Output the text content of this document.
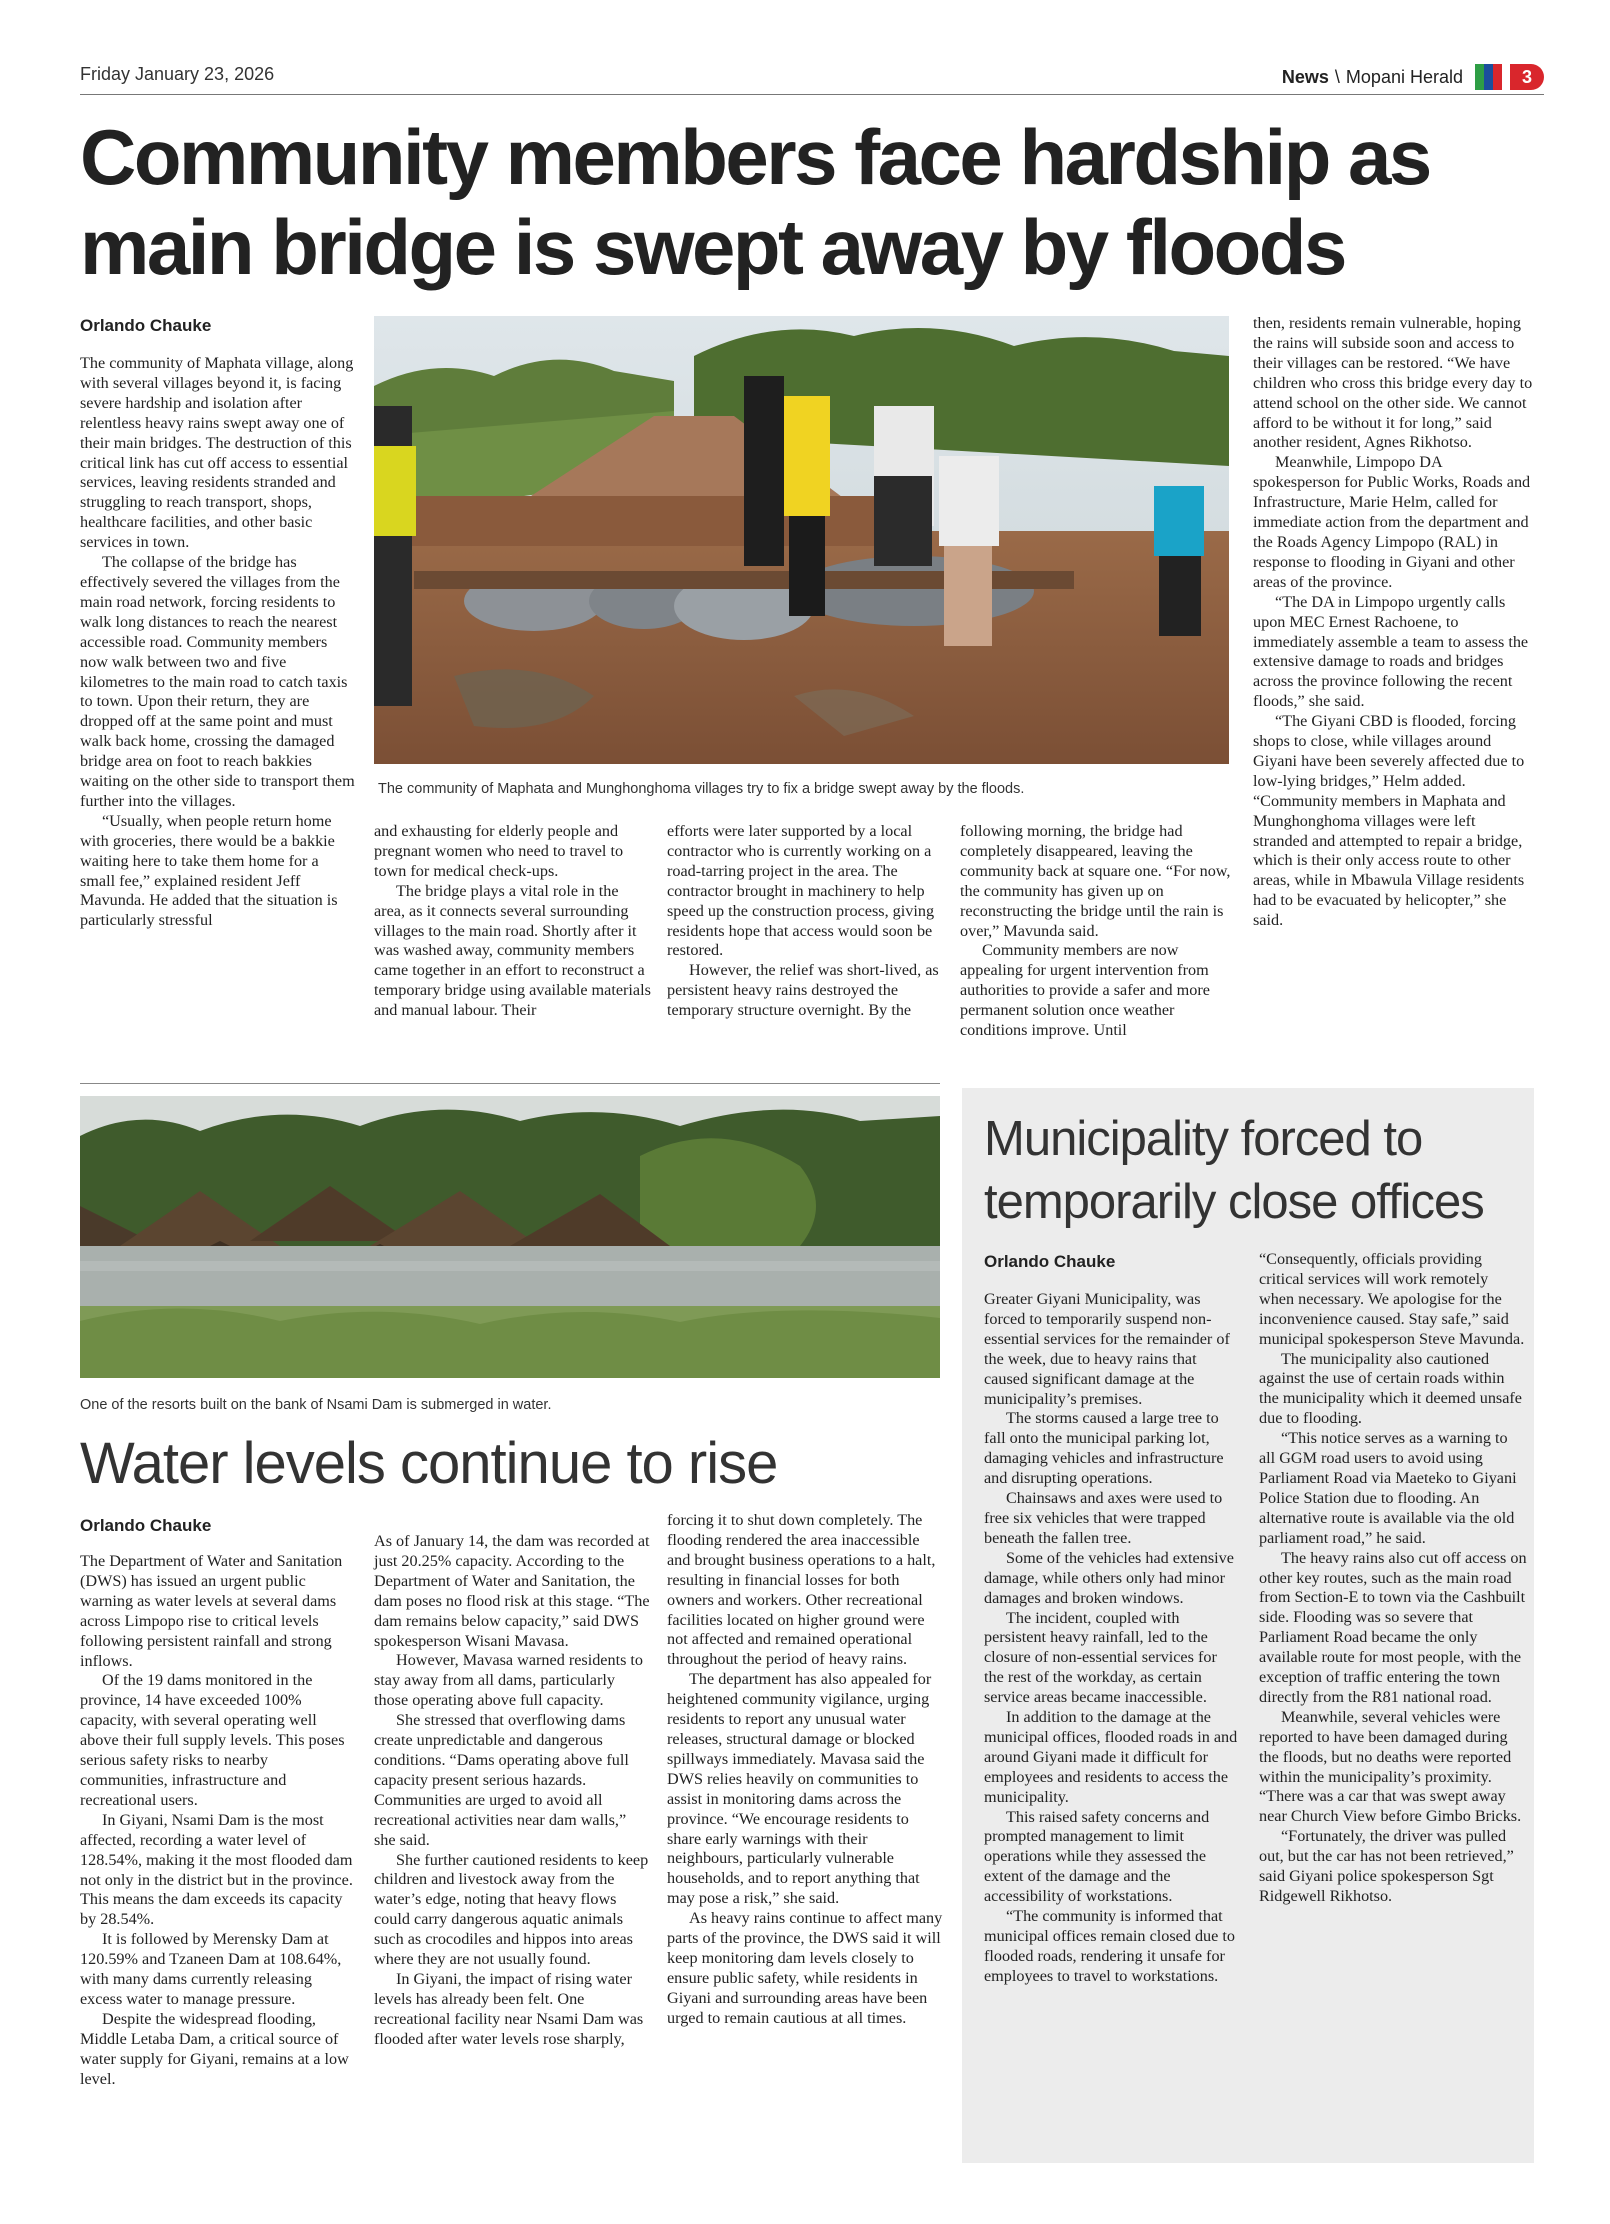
Friday January 23, 2026	News \ Mopani Herald	3
Community members face hardship as main bridge is swept away by floods
Orlando Chauke

The community of Maphata village, along with several villages beyond it, is facing severe hardship and isolation after relentless heavy rains swept away one of their main bridges. The destruction of this critical link has cut off access to essential services, leaving residents stranded and struggling to reach transport, shops, healthcare facilities, and other basic services in town.

The collapse of the bridge has effectively severed the villages from the main road network, forcing residents to walk long distances to reach the nearest accessible road. Community members now walk between two and five kilometres to the main road to catch taxis to town. Upon their return, they are dropped off at the same point and must walk back home, crossing the damaged bridge area on foot to reach bakkies waiting on the other side to transport them further into the villages.

“Usually, when people return home with groceries, there would be a bakkie waiting here to take them home for a small fee,” explained resident Jeff Mavunda. He added that the situation is particularly stressful

The community of Maphata and Munghonghoma villages try to fix a bridge swept away by the floods.

and exhausting for elderly people and pregnant women who need to travel to town for medical check-ups.

The bridge plays a vital role in the area, as it connects several surrounding villages to the main road. Shortly after it was washed away, community members came together in an effort to reconstruct a temporary bridge using available materials and manual labour. Their

efforts were later supported by a local contractor who is currently working on a road-tarring project in the area. The contractor brought in machinery to help speed up the construction process, giving residents hope that access would soon be restored.

However, the relief was short-lived, as persistent heavy rains destroyed the temporary structure overnight. By the

following morning, the bridge had completely disappeared, leaving the community back at square one. “For now, the community has given up on reconstructing the bridge until the rain is over,” Mavunda said.

Community members are now appealing for urgent intervention from authorities to provide a safer and more permanent solution once weather conditions improve. Until

then, residents remain vulnerable, hoping the rains will subside soon and access to their villages can be restored. “We have children who cross this bridge every day to attend school on the other side. We cannot afford to be without it for long,” said another resident, Agnes Rikhotso.

Meanwhile, Limpopo DA spokesperson for Public Works, Roads and Infrastructure, Marie Helm, called for immediate action from the department and the Roads Agency Limpopo (RAL) in response to flooding in Giyani and other areas of the province.

“The DA in Limpopo urgently calls upon MEC Ernest Rachoene, to immediately assemble a team to assess the extensive damage to roads and bridges across the province following the recent floods,” she said.

“The Giyani CBD is flooded, forcing shops to close, while villages around Giyani have been severely affected due to low-lying bridges,” Helm added. “Community members in Maphata and Munghonghoma villages were left stranded and attempted to repair a bridge, which is their only access route to other areas, while in Mbawula Village residents had to be evacuated by helicopter,” she said.

One of the resorts built on the bank of Nsami Dam is submerged in water.
Water levels continue to rise
Orlando Chauke

The Department of Water and Sanitation (DWS) has issued an urgent public warning as water levels at several dams across Limpopo rise to critical levels following persistent rainfall and strong inflows.

Of the 19 dams monitored in the province, 14 have exceeded 100% capacity, with several operating well above their full supply levels. This poses serious safety risks to nearby communities, infrastructure and recreational users.

In Giyani, Nsami Dam is the most affected, recording a water level of 128.54%, making it the most flooded dam not only in the district but in the province. This means the dam exceeds its capacity by 28.54%.

It is followed by Merensky Dam at 120.59% and Tzaneen Dam at 108.64%, with many dams currently releasing excess water to manage pressure.

Despite the widespread flooding, Middle Letaba Dam, a critical source of water supply for Giyani, remains at a low level.

As of January 14, the dam was recorded at just 20.25% capacity. According to the Department of Water and Sanitation, the dam poses no flood risk at this stage. “The dam remains below capacity,” said DWS spokesperson Wisani Mavasa.

However, Mavasa warned residents to stay away from all dams, particularly those operating above full capacity.

She stressed that overflowing dams create unpredictable and dangerous conditions. “Dams operating above full capacity present serious hazards. Communities are urged to avoid all recreational activities near dam walls,” she said.

She further cautioned residents to keep children and livestock away from the water’s edge, noting that heavy flows could carry dangerous aquatic animals such as crocodiles and hippos into areas where they are not usually found.

In Giyani, the impact of rising water levels has already been felt. One recreational facility near Nsami Dam was flooded after water levels rose sharply,

forcing it to shut down completely. The flooding rendered the area inaccessible and brought business operations to a halt, resulting in financial losses for both owners and workers. Other recreational facilities located on higher ground were not affected and remained operational throughout the period of heavy rains.

The department has also appealed for heightened community vigilance, urging residents to report any unusual water releases, structural damage or blocked spillways immediately. Mavasa said the DWS relies heavily on communities to assist in monitoring dams across the province. “We encourage residents to share early warnings with their neighbours, particularly vulnerable households, and to report anything that may pose a risk,” she said.

As heavy rains continue to affect many parts of the province, the DWS said it will keep monitoring dam levels closely to ensure public safety, while residents in Giyani and surrounding areas have been urged to remain cautious at all times.

Municipality forced to temporarily close offices
Orlando Chauke

Greater Giyani Municipality, was forced to temporarily suspend non-essential services for the remainder of the week, due to heavy rains that caused significant damage at the municipality’s premises.

The storms caused a large tree to fall onto the municipal parking lot, damaging vehicles and infrastructure and disrupting operations.

Chainsaws and axes were used to free six vehicles that were trapped beneath the fallen tree.

Some of the vehicles had extensive damage, while others only had minor damages and broken windows.

The incident, coupled with persistent heavy rainfall, led to the closure of non-essential services for the rest of the workday, as certain service areas became inaccessible.

In addition to the damage at the municipal offices, flooded roads in and around Giyani made it difficult for employees and residents to access the municipality.

This raised safety concerns and prompted management to limit operations while they assessed the extent of the damage and the accessibility of workstations.

“The community is informed that municipal offices remain closed due to flooded roads, rendering it unsafe for employees to travel to workstations.

“Consequently, officials providing critical services will work remotely when necessary. We apologise for the inconvenience caused. Stay safe,” said municipal spokesperson Steve Mavunda.

The municipality also cautioned against the use of certain roads within the municipality which it deemed unsafe due to flooding.

“This notice serves as a warning to all GGM road users to avoid using Parliament Road via Maeteko to Giyani Police Station due to flooding. An alternative route is available via the old parliament road,” he said.

The heavy rains also cut off access on other key routes, such as the main road from Section-E to town via the Cashbuilt side. Flooding was so severe that Parliament Road became the only available route for most people, with the exception of traffic entering the town directly from the R81 national road.

Meanwhile, several vehicles were reported to have been damaged during the floods, but no deaths were reported within the municipality’s proximity. “There was a car that was swept away near Church View before Gimbo Bricks.

“Fortunately, the driver was pulled out, but the car has not been retrieved,” said Giyani police spokesperson Sgt Ridgewell Rikhotso.
